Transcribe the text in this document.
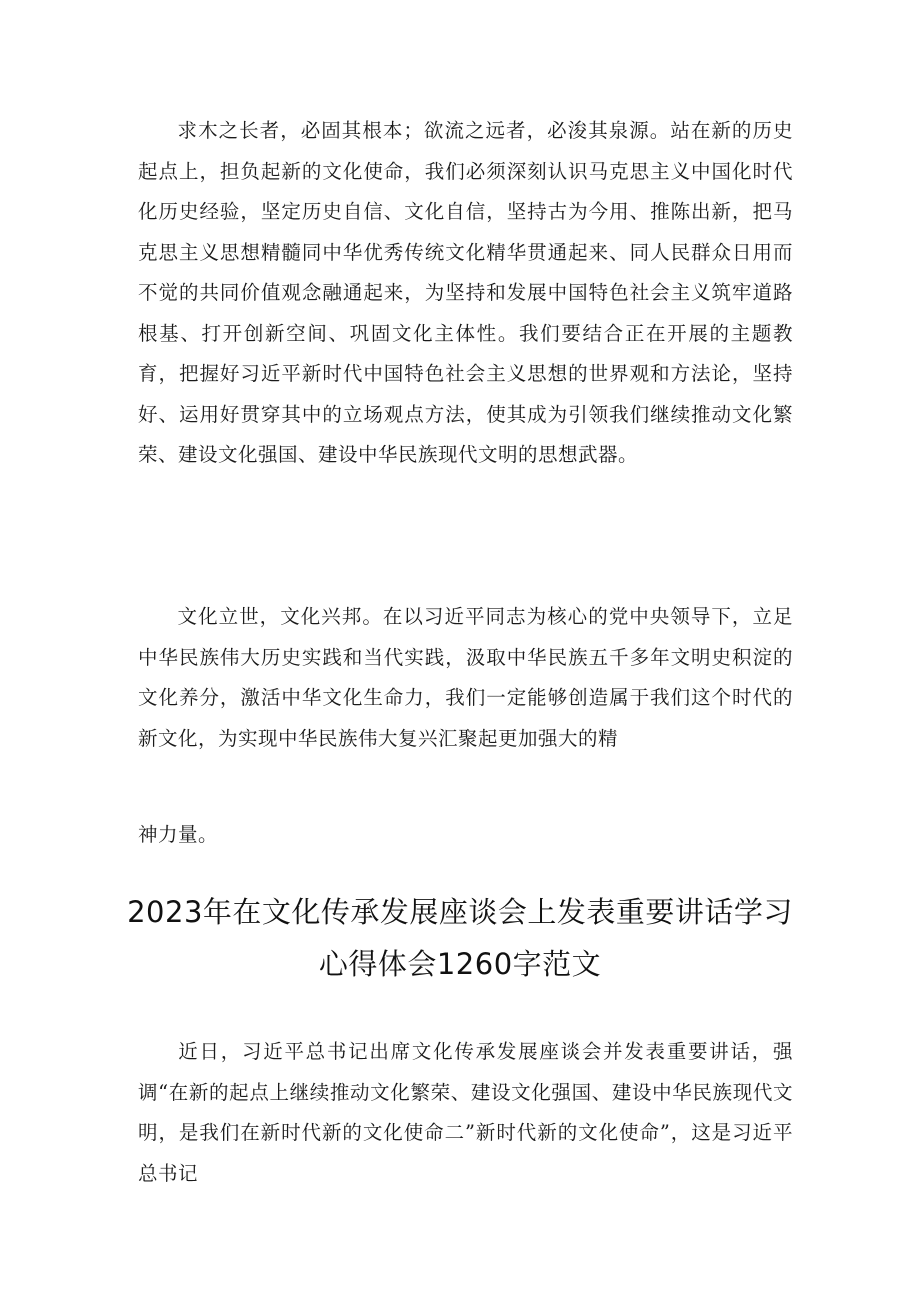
求木之长者，必固其根本；欲流之远者，必浚其泉源。站在新的历史起点上，担负起新的文化使命，我们必须深刻认识马克思主义中国化时代化历史经验，坚定历史自信、文化自信，坚持古为今用、推陈出新，把马克思主义思想精髓同中华优秀传统文化精华贯通起来、同人民群众日用而不觉的共同价值观念融通起来，为坚持和发展中国特色社会主义筑牢道路根基、打开创新空间、巩固文化主体性。我们要结合正在开展的主题教育，把握好习近平新时代中国特色社会主义思想的世界观和方法论，坚持好、运用好贯穿其中的立场观点方法，使其成为引领我们继续推动文化繁荣、建设文化强国、建设中华民族现代文明的思想武器。

文化立世，文化兴邦。在以习近平同志为核心的党中央领导下，立足中华民族伟大历史实践和当代实践，汲取中华民族五千多年文明史积淀的文化养分，激活中华文化生命力，我们一定能够创造属于我们这个时代的新文化，为实现中华民族伟大复兴汇聚起更加强大的精

神力量。

2023年在文化传承发展座谈会上发表重要讲话学习
心得体会1260字范文

近日，习近平总书记出席文化传承发展座谈会并发表重要讲话，强调“在新的起点上继续推动文化繁荣、建设文化强国、建设中华民族现代文明，是我们在新时代新的文化使命二”新时代新的文化使命”，这是习近平总书记
